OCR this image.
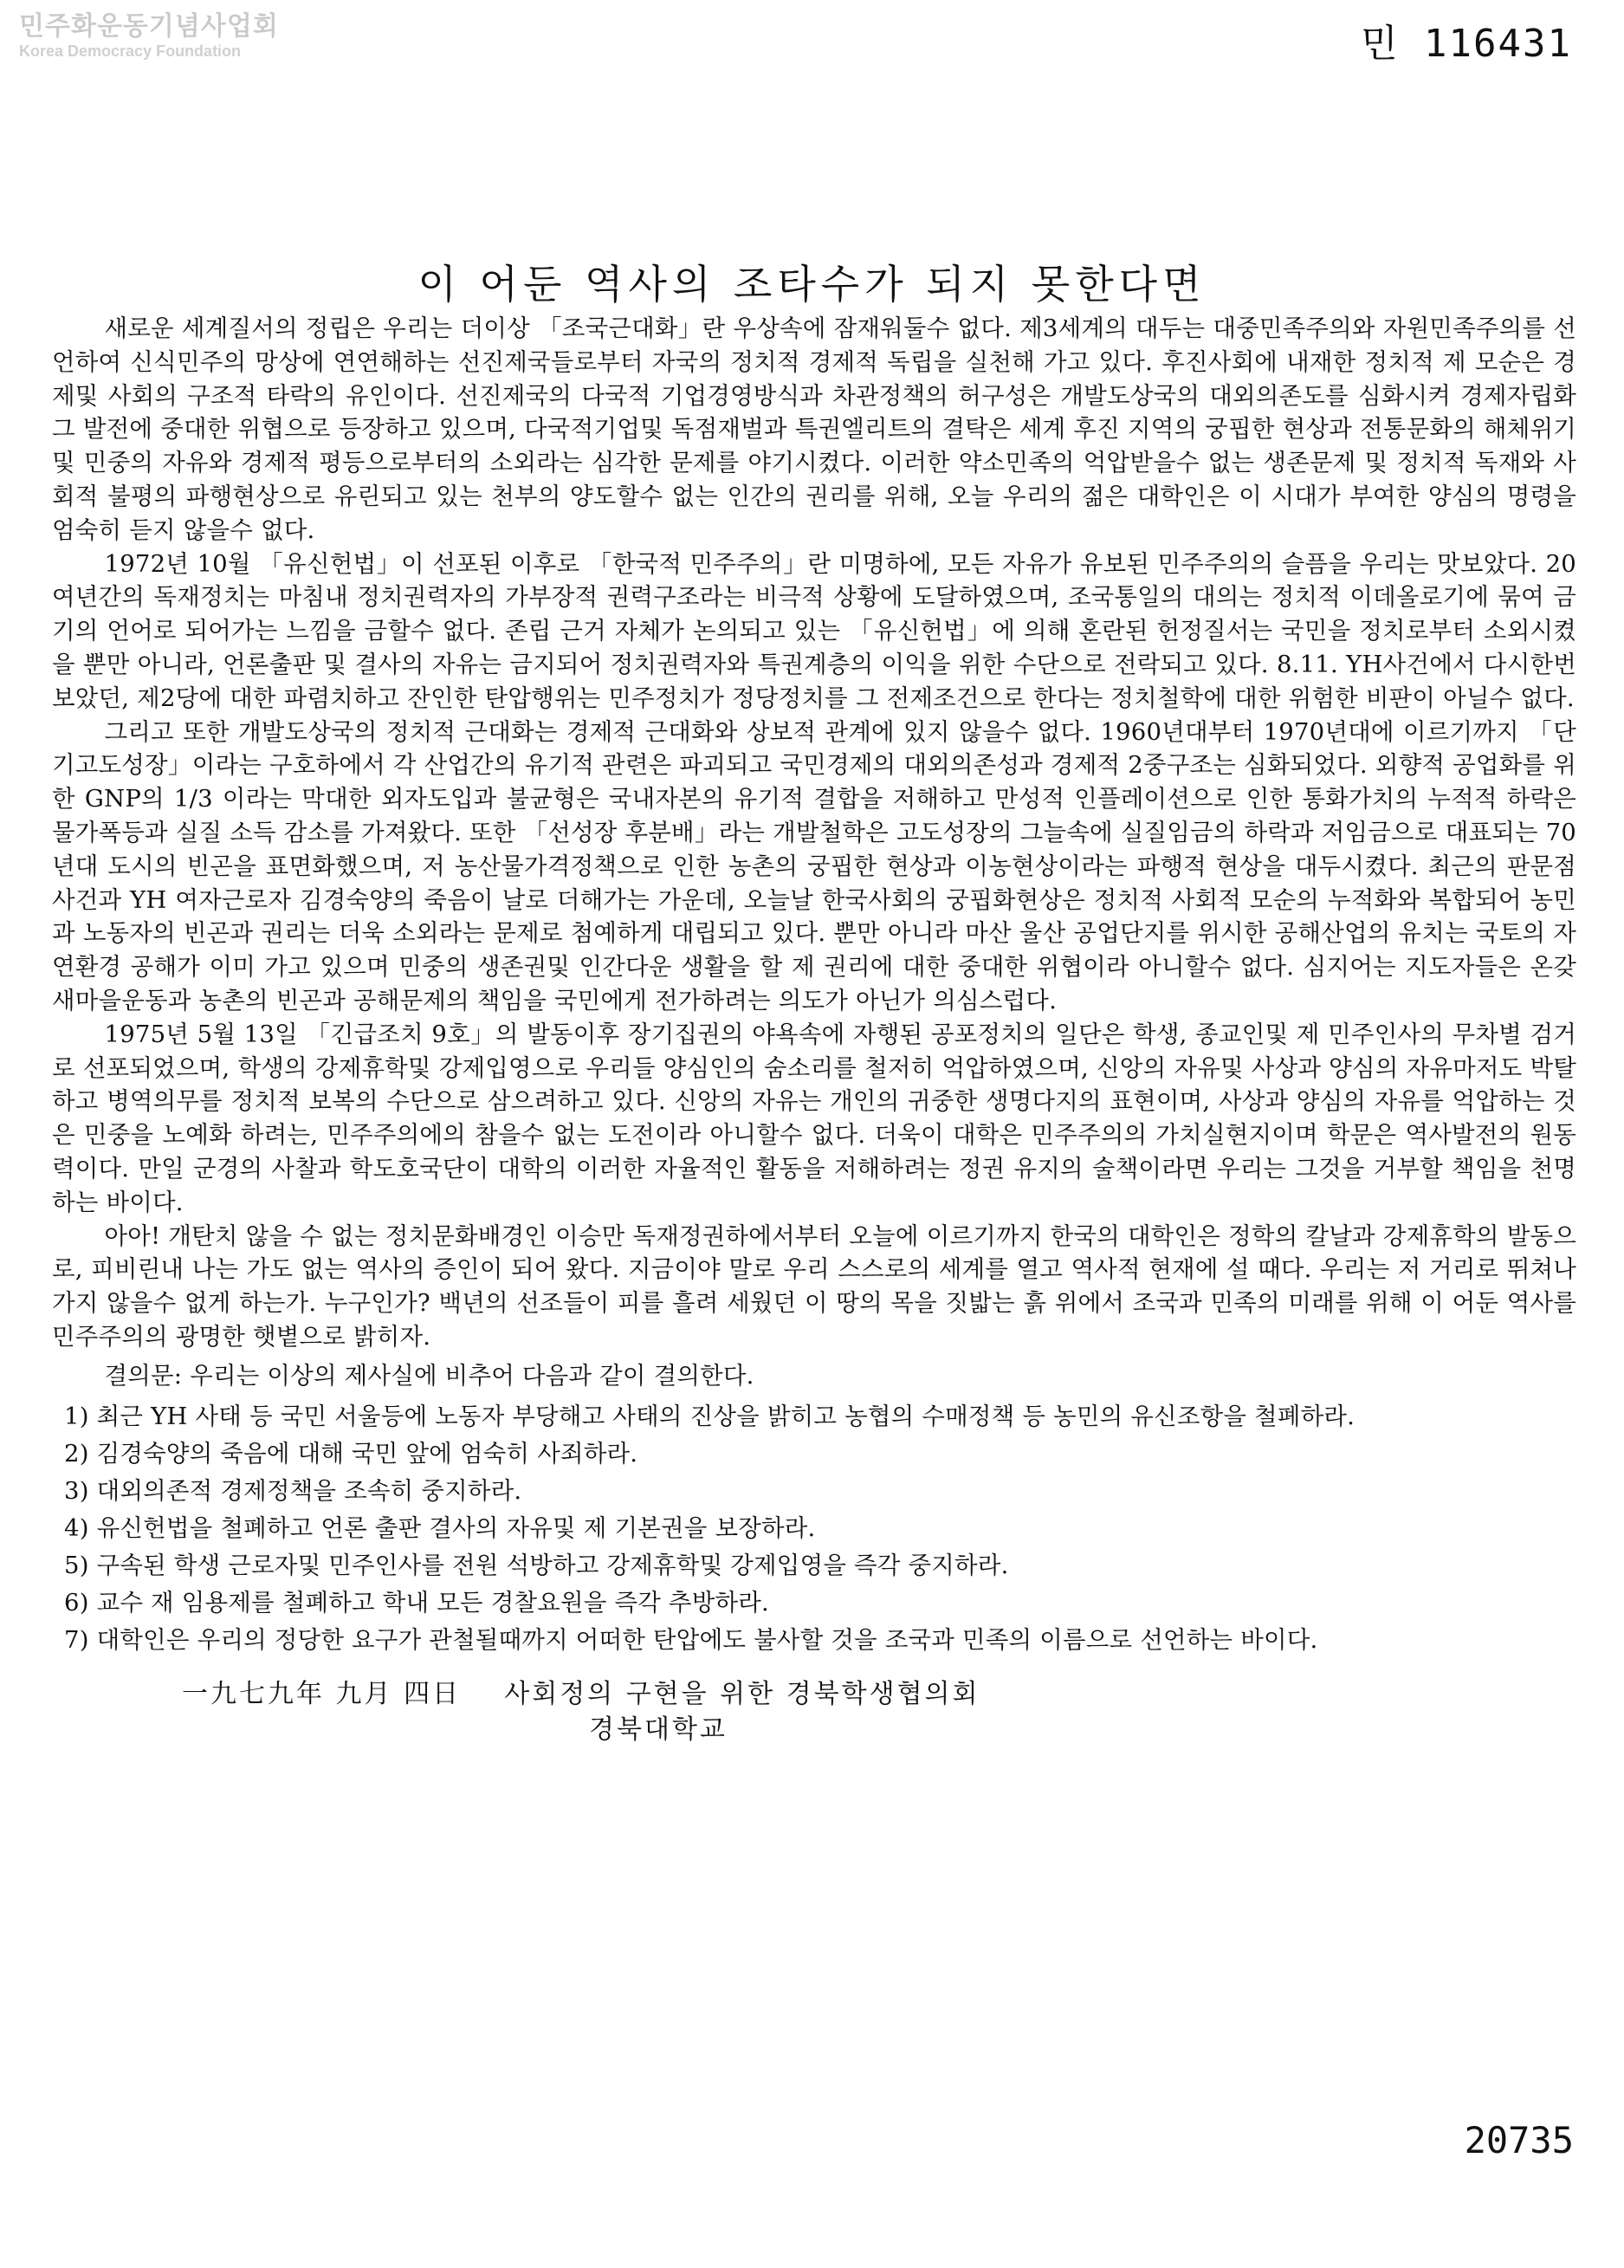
민주화운동기념사업회
Korea Democracy Foundation	민 116431
이 어둔 역사의 조타수가 되지 못한다면

새로운 세계질서의 정립은 우리는 더이상 「조국근대화」란 우상속에 잠재워둘수 없다. 제3세계의 대두는 대중민족주의와 자원민족주의를 선언하여 신식민주의 망상에 연연해하는 선진제국들로부터 자국의 정치적 경제적 독립을 실천해 가고 있다. 후진사회에 내재한 정치적 제 모순은 경제및 사회의 구조적 타락의 유인이다. 선진제국의 다국적 기업경영방식과 차관정책의 허구성은 개발도상국의 대외의존도를 심화시켜 경제자립화 그 발전에 중대한 위협으로 등장하고 있으며, 다국적기업및 독점재벌과 특권엘리트의 결탁은 세계 후진 지역의 궁핍한 현상과 전통문화의 해체위기및 민중의 자유와 경제적 평등으로부터의 소외라는 심각한 문제를 야기시켰다. 이러한 약소민족의 억압받을수 없는 생존문제 및 정치적 독재와 사회적 불평의 파행현상으로 유린되고 있는 천부의 양도할수 없는 인간의 권리를 위해, 오늘 우리의 젊은 대학인은 이 시대가 부여한 양심의 명령을 엄숙히 듣지 않을수 없다.

1972년 10월 「유신헌법」이 선포된 이후로 「한국적 민주주의」란 미명하에, 모든 자유가 유보된 민주주의의 슬픔을 우리는 맛보았다. 20여년간의 독재정치는 마침내 정치권력자의 가부장적 권력구조라는 비극적 상황에 도달하였으며, 조국통일의 대의는 정치적 이데올로기에 묶여 금기의 언어로 되어가는 느낌을 금할수 없다. 존립 근거 자체가 논의되고 있는 「유신헌법」에 의해 혼란된 헌정질서는 국민을 정치로부터 소외시켰을 뿐만 아니라, 언론출판 및 결사의 자유는 금지되어 정치권력자와 특권계층의 이익을 위한 수단으로 전락되고 있다. 8.11. YH사건에서 다시한번 보았던, 제2당에 대한 파렴치하고 잔인한 탄압행위는 민주정치가 정당정치를 그 전제조건으로 한다는 정치철학에 대한 위험한 비판이 아닐수 없다.

그리고 또한 개발도상국의 정치적 근대화는 경제적 근대화와 상보적 관계에 있지 않을수 없다. 1960년대부터 1970년대에 이르기까지 「단기고도성장」이라는 구호하에서 각 산업간의 유기적 관련은 파괴되고 국민경제의 대외의존성과 경제적 2중구조는 심화되었다. 외향적 공업화를 위한 GNP의 1/3 이라는 막대한 외자도입과 불균형은 국내자본의 유기적 결합을 저해하고 만성적 인플레이션으로 인한 통화가치의 누적적 하락은 물가폭등과 실질 소득 감소를 가져왔다. 또한 「선성장 후분배」라는 개발철학은 고도성장의 그늘속에 실질임금의 하락과 저임금으로 대표되는 70년대 도시의 빈곤을 표면화했으며, 저 농산물가격정책으로 인한 농촌의 궁핍한 현상과 이농현상이라는 파행적 현상을 대두시켰다. 최근의 판문점 사건과 YH 여자근로자 김경숙양의 죽음이 날로 더해가는 가운데, 오늘날 한국사회의 궁핍화현상은 정치적 사회적 모순의 누적화와 복합되어 농민과 노동자의 빈곤과 권리는 더욱 소외라는 문제로 첨예하게 대립되고 있다. 뿐만 아니라 마산 울산 공업단지를 위시한 공해산업의 유치는 국토의 자연환경 공해가 이미 가고 있으며 민중의 생존권및 인간다운 생활을 할 제 권리에 대한 중대한 위협이라 아니할수 없다. 심지어는 지도자들은 온갖 새마을운동과 농촌의 빈곤과 공해문제의 책임을 국민에게 전가하려는 의도가 아닌가 의심스럽다.

1975년 5월 13일 「긴급조치 9호」의 발동이후 장기집권의 야욕속에 자행된 공포정치의 일단은 학생, 종교인및 제 민주인사의 무차별 검거로 선포되었으며, 학생의 강제휴학및 강제입영으로 우리들 양심인의 숨소리를 철저히 억압하였으며, 신앙의 자유및 사상과 양심의 자유마저도 박탈하고 병역의무를 정치적 보복의 수단으로 삼으려하고 있다. 신앙의 자유는 개인의 귀중한 생명다지의 표현이며, 사상과 양심의 자유를 억압하는 것은 민중을 노예화 하려는, 민주주의에의 참을수 없는 도전이라 아니할수 없다. 더욱이 대학은 민주주의의 가치실현지이며 학문은 역사발전의 원동력이다. 만일 군경의 사찰과 학도호국단이 대학의 이러한 자율적인 활동을 저해하려는 정권 유지의 술책이라면 우리는 그것을 거부할 책임을 천명하는 바이다.

아아! 개탄치 않을 수 없는 정치문화배경인 이승만 독재정권하에서부터 오늘에 이르기까지 한국의 대학인은 정학의 칼날과 강제휴학의 발동으로, 피비린내 나는 가도 없는 역사의 증인이 되어 왔다. 지금이야 말로 우리 스스로의 세계를 열고 역사적 현재에 설 때다. 우리는 저 거리로 뛰쳐나가지 않을수 없게 하는가. 누구인가? 백년의 선조들이 피를 흘려 세웠던 이 땅의 목을 짓밟는 흙 위에서 조국과 민족의 미래를 위해 이 어둔 역사를 민주주의의 광명한 햇볕으로 밝히자.

결의문: 우리는 이상의 제사실에 비추어 다음과 같이 결의한다.

1) 최근 YH 사태 등 국민 서울등에 노동자 부당해고 사태의 진상을 밝히고 농협의 수매정책 등 농민의 유신조항을 철폐하라.
2) 김경숙양의 죽음에 대해 국민 앞에 엄숙히 사죄하라.
3) 대외의존적 경제정책을 조속히 중지하라.
4) 유신헌법을 철폐하고 언론 출판 결사의 자유및 제 기본권을 보장하라.
5) 구속된 학생 근로자및 민주인사를 전원 석방하고 강제휴학및 강제입영을 즉각 중지하라.
6) 교수 재 임용제를 철폐하고 학내 모든 경찰요원을 즉각 추방하라.
7) 대학인은 우리의 정당한 요구가 관철될때까지 어떠한 탄압에도 불사할 것을 조국과 민족의 이름으로 선언하는 바이다.
一九七九年 九月 四日 사회정의 구현을 위한 경북학생협의회
경북대학교
20735
